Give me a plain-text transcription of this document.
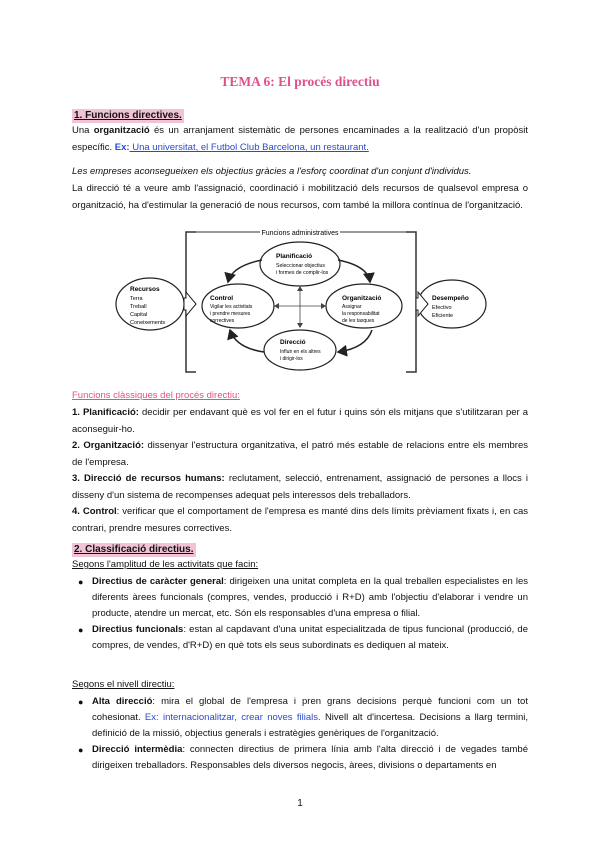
TEMA 6: El procés directiu
1. Funcions directives.

Una organització és un arranjament sistemàtic de persones encaminades a la realització d'un propòsit específic. Ex: Una universitat, el Futbol Club Barcelona, un restaurant.

Les empreses aconsegueixen els objectius gràcies a l'esforç coordinat d'un conjunt d'individus.

La direcció té a veure amb l'assignació, coordinació i mobilització dels recursos de qualsevol empresa o organització, ha d'estimular la generació de nous recursos, com també la millora contínua de l'organització.

Funcions administratives
Recursos
Terra
Treball
Capital
Coneixements
Desempeño
Efectivo
Eficiente
Planificació
Seleccionar objectius
i formes de complir-los
Control
Vigilar les activitats
i prendre mesures
correctives
Organització
Assignar
la responsabilitat
de les tasques
Direcció
Influir en els altres
i dirigir-los
Funcions clàssiques del procés directiu:

1. Planificació: decidir per endavant què es vol fer en el futur i quins són els mitjans que s'utilitzaran per a aconseguir-ho.

2. Organització: dissenyar l'estructura organitzativa, el patró més estable de relacions entre els membres de l'empresa.

3. Direcció de recursos humans: reclutament, selecció, entrenament, assignació de persones a llocs i disseny d'un sistema de recompenses adequat pels interessos dels treballadors.

4. Control: verificar que el comportament de l'empresa es manté dins dels límits prèviament fixats i, en cas contrari, prendre mesures correctives.

2. Classificació directius.
Segons l'amplitud de les activitats que facin:

● Directius de caràcter general: dirigeixen una unitat completa en la qual treballen especialistes en les diferents àrees funcionals (compres, vendes, producció i R+D) amb l'objectiu d'elaborar i vendre un producte, atendre un mercat, etc. Són els responsables d'una empresa o filial.

● Directius funcionals: estan al capdavant d'una unitat especialitzada de tipus funcional (producció, de compres, de vendes, d'R+D) en què tots els seus subordinats es dediquen al mateix.

Segons el nivell directiu:

● Alta direcció: mira el global de l'empresa i pren grans decisions perquè funcioni com un tot cohesionat. Ex: internacionalitzar, crear noves filials. Nivell alt d'incertesa. Decisions a llarg termini, definició de la missió, objectius generals i estratègies genèriques de l'organització.

● Direcció intermèdia: connecten directius de primera línia amb l'alta direcció i de vegades també dirigeixen treballadors. Responsables dels diversos negocis, àrees, divisions o departaments en

1
